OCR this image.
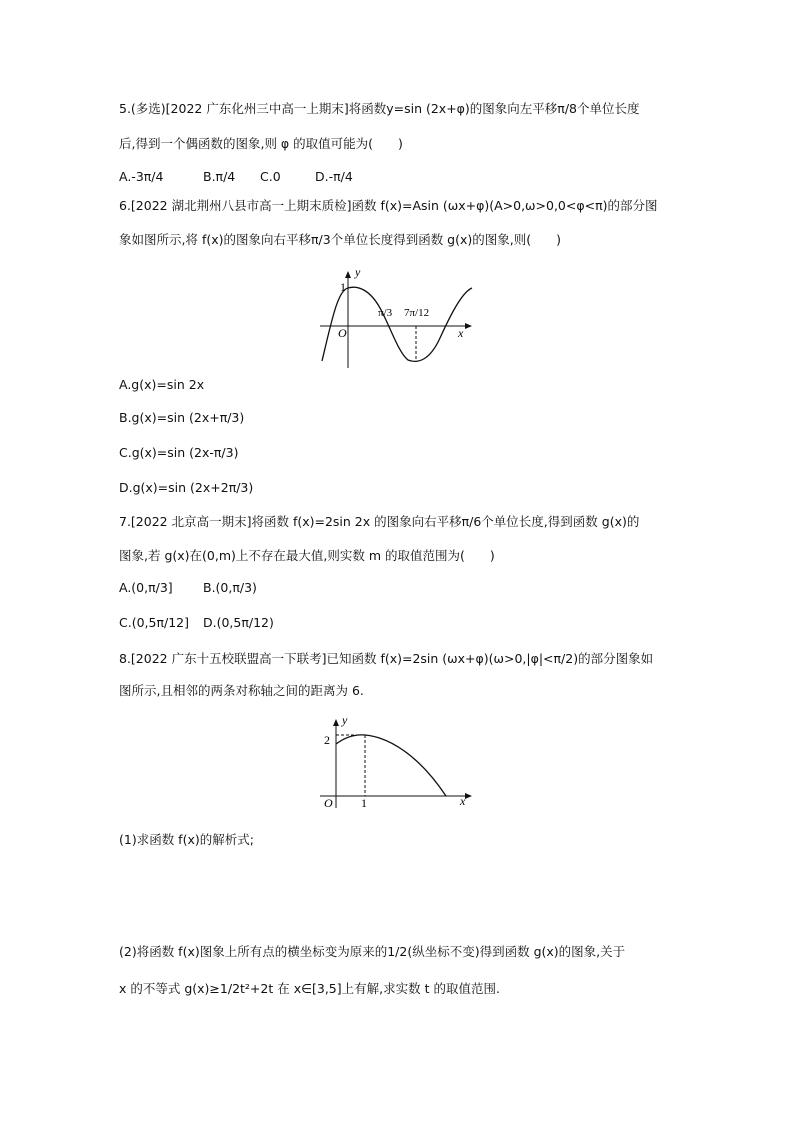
5.(多选)[2022 广东化州三中高一上期末]将函数y=sin (2x+φ)的图象向左平移π/8个单位长度
后,得到一个偶函数的图象,则 φ 的取值可能为(　　)
A.-3π/4	B.π/4 C.0	D.-π/4
6.[2022 湖北荆州八县市高一上期末质检]函数 f(x)=Asin (ωx+φ)(A>0,ω>0,0<φ<π)的部分图
象如图所示,将 f(x)的图象向右平移π/3个单位长度得到函数 g(x)的图象,则(　　)
y
x
O
1
π/3 7π/12
A.g(x)=sin 2x
B.g(x)=sin (2x+π/3)
C.g(x)=sin (2x-π/3)
D.g(x)=sin (2x+2π/3)
7.[2022 北京高一期末]将函数 f(x)=2sin 2x 的图象向右平移π/6个单位长度,得到函数 g(x)的
图象,若 g(x)在(0,m)上不存在最大值,则实数 m 的取值范围为(　　)
A.(0,π/3] B.(0,π/3)
C.(0,5π/12] D.(0,5π/12)
8.[2022 广东十五校联盟高一下联考]已知函数 f(x)=2sin (ωx+φ)(ω>0,|φ|<π/2)的部分图象如
图所示,且相邻的两条对称轴之间的距离为 6.
y
x
O
2
1
(1)求函数 f(x)的解析式;
(2)将函数 f(x)图象上所有点的横坐标变为原来的1/2(纵坐标不变)得到函数 g(x)的图象,关于
x 的不等式 g(x)≥1/2t²+2t 在 x∈[3,5]上有解,求实数 t 的取值范围.
